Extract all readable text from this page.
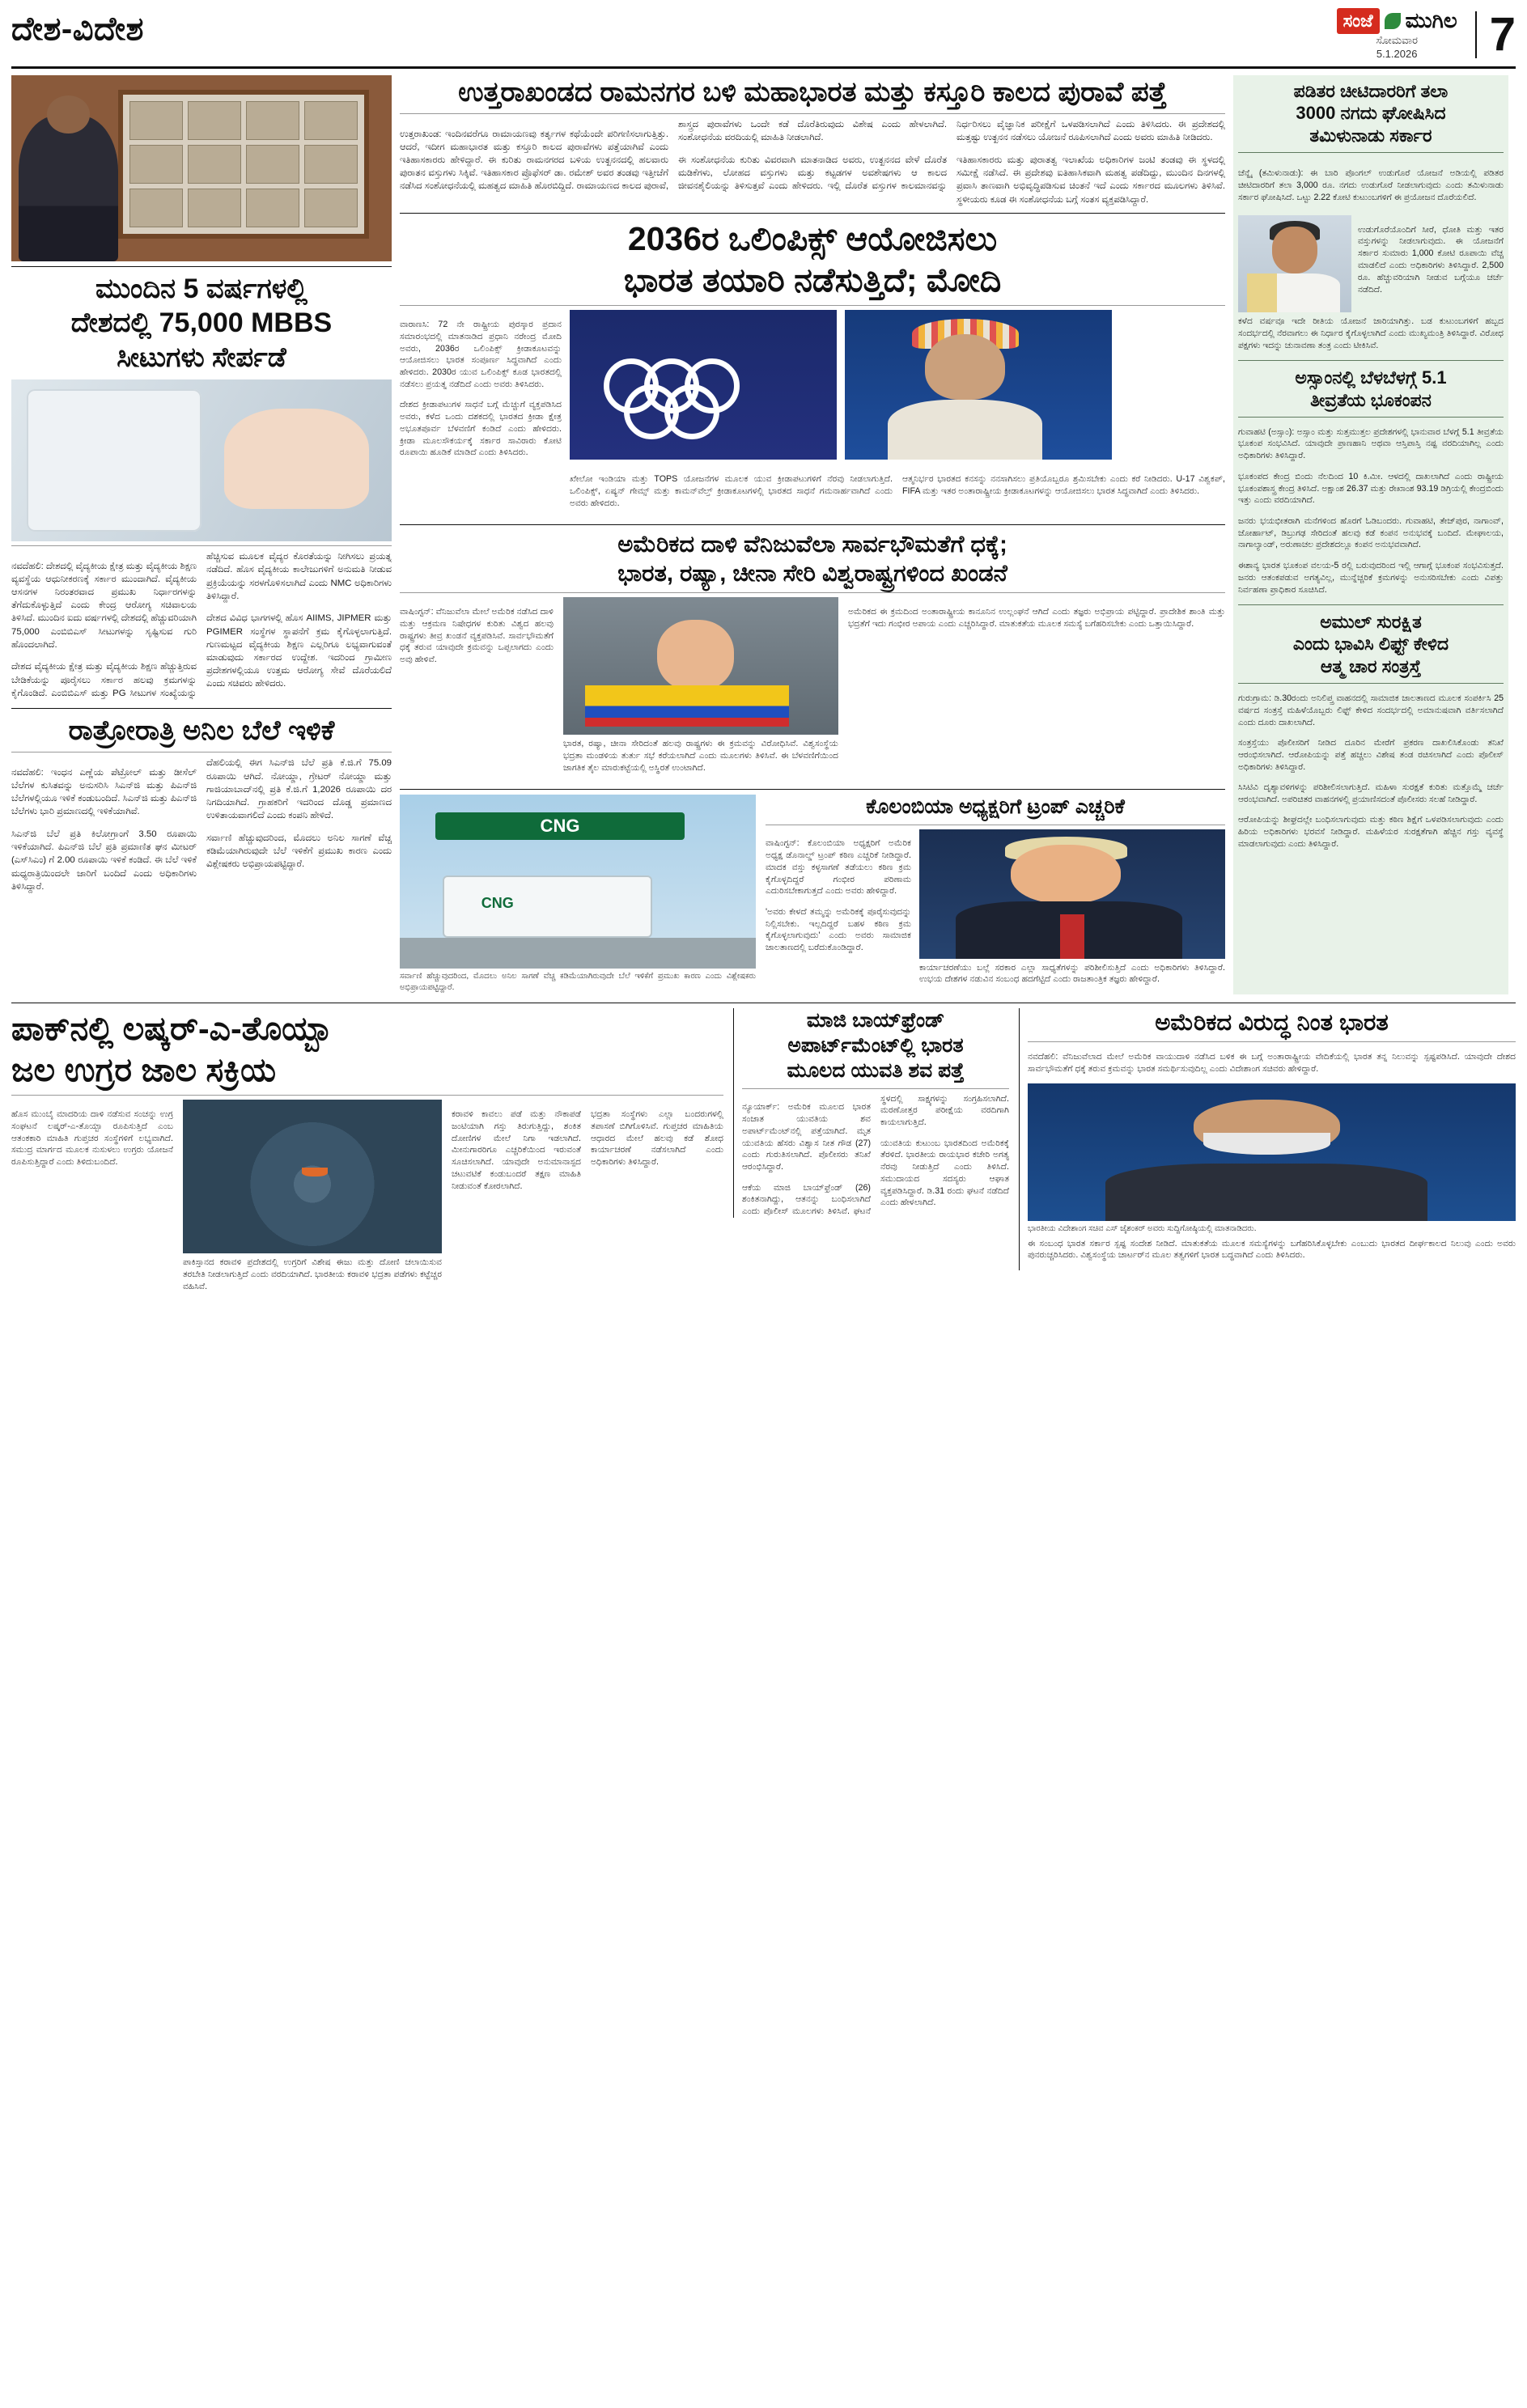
ದೇಶ-ವಿದೇಶ	ಸಂಜೆ	ಮುಗಿಲ
ಸೋಮವಾರ
5.1.2026	7
ಮುಂದಿನ 5 ವರ್ಷಗಳಲ್ಲಿ
ದೇಶದಲ್ಲಿ 75,000 MBBS
ಸೀಟುಗಳು ಸೇರ್ಪಡೆ

ನವದೆಹಲಿ: ದೇಶದಲ್ಲಿ ವೈದ್ಯಕೀಯ ಕ್ಷೇತ್ರ ಮತ್ತು ವೈದ್ಯಕೀಯ ಶಿಕ್ಷಣ ವ್ಯವಸ್ಥೆಯ ಆಧುನೀಕರಣಕ್ಕೆ ಸರ್ಕಾರ ಮುಂದಾಗಿದೆ. ವೈದ್ಯಕೀಯ ಆಸನಗಳ ನಿರಂತರವಾದ ಪ್ರಮುಖ ನಿರ್ಧಾರಗಳನ್ನು ತೆಗೆದುಕೊಳ್ಳುತ್ತಿದೆ ಎಂದು ಕೇಂದ್ರ ಆರೋಗ್ಯ ಸಚಿವಾಲಯ ತಿಳಿಸಿದೆ. ಮುಂದಿನ ಐದು ವರ್ಷಗಳಲ್ಲಿ ದೇಶದಲ್ಲಿ ಹೆಚ್ಚುವರಿಯಾಗಿ 75,000 ಎಂಬಿಬಿಎಸ್ ಸೀಟುಗಳನ್ನು ಸೃಷ್ಟಿಸುವ ಗುರಿ ಹೊಂದಲಾಗಿದೆ.

ದೇಶದ ವೈದ್ಯಕೀಯ ಕ್ಷೇತ್ರ ಮತ್ತು ವೈದ್ಯಕೀಯ ಶಿಕ್ಷಣ ಹೆಚ್ಚುತ್ತಿರುವ ಬೇಡಿಕೆಯನ್ನು ಪೂರೈಸಲು ಸರ್ಕಾರ ಹಲವು ಕ್ರಮಗಳನ್ನು ಕೈಗೊಂಡಿದೆ. ಎಂಬಿಬಿಎಸ್ ಮತ್ತು PG ಸೀಟುಗಳ ಸಂಖ್ಯೆಯನ್ನು ಹೆಚ್ಚಿಸುವ ಮೂಲಕ ವೈದ್ಯರ ಕೊರತೆಯನ್ನು ನೀಗಿಸಲು ಪ್ರಯತ್ನ ನಡೆದಿದೆ. ಹೊಸ ವೈದ್ಯಕೀಯ ಕಾಲೇಜುಗಳಿಗೆ ಅನುಮತಿ ನೀಡುವ ಪ್ರಕ್ರಿಯೆಯನ್ನು ಸರಳಗೊಳಿಸಲಾಗಿದೆ ಎಂದು NMC ಅಧಿಕಾರಿಗಳು ತಿಳಿಸಿದ್ದಾರೆ.

ದೇಶದ ವಿವಿಧ ಭಾಗಗಳಲ್ಲಿ ಹೊಸ AIIMS, JIPMER ಮತ್ತು PGIMER ಸಂಸ್ಥೆಗಳ ಸ್ಥಾಪನೆಗೆ ಕ್ರಮ ಕೈಗೊಳ್ಳಲಾಗುತ್ತಿದೆ. ಗುಣಮಟ್ಟದ ವೈದ್ಯಕೀಯ ಶಿಕ್ಷಣ ಎಲ್ಲರಿಗೂ ಲಭ್ಯವಾಗುವಂತೆ ಮಾಡುವುದು ಸರ್ಕಾರದ ಉದ್ದೇಶ. ಇದರಿಂದ ಗ್ರಾಮೀಣ ಪ್ರದೇಶಗಳಲ್ಲಿಯೂ ಉತ್ತಮ ಆರೋಗ್ಯ ಸೇವೆ ದೊರೆಯಲಿದೆ ಎಂದು ಸಚಿವರು ಹೇಳಿದರು.

ರಾತ್ರೋರಾತ್ರಿ ಅನಿಲ ಬೆಲೆ ಇಳಿಕೆ

ನವದೆಹಲಿ: ಇಂಧನ ಎಣ್ಣೆಯ ಪೆಟ್ರೋಲ್ ಮತ್ತು ಡೀಸೆಲ್ ಬೆಲೆಗಳ ಕುಸಿತವನ್ನು ಅನುಸರಿಸಿ ಸಿಎನ್‌ಜಿ ಮತ್ತು ಪಿಎನ್‌ಜಿ ಬೆಲೆಗಳಲ್ಲಿಯೂ ಇಳಿಕೆ ಕಂಡುಬಂದಿದೆ. ಸಿಎನ್‌ಜಿ ಮತ್ತು ಪಿಎನ್‌ಜಿ ಬೆಲೆಗಳು ಭಾರಿ ಪ್ರಮಾಣದಲ್ಲಿ ಇಳಿಕೆಯಾಗಿವೆ.

ಸಿಎನ್‌ಜಿ ಬೆಲೆ ಪ್ರತಿ ಕಿಲೋಗ್ರಾಂಗೆ 3.50 ರೂಪಾಯಿ ಇಳಿಕೆಯಾಗಿದೆ. ಪಿಎನ್‌ಜಿ ಬೆಲೆ ಪ್ರತಿ ಪ್ರಮಾಣಿತ ಘನ ಮೀಟರ್ (ಎಸ್‌ಸಿಎಂ) ಗೆ 2.00 ರೂಪಾಯಿ ಇಳಿಕೆ ಕಂಡಿದೆ. ಈ ಬೆಲೆ ಇಳಿಕೆ ಮಧ್ಯರಾತ್ರಿಯಿಂದಲೇ ಜಾರಿಗೆ ಬಂದಿದೆ ಎಂದು ಅಧಿಕಾರಿಗಳು ತಿಳಿಸಿದ್ದಾರೆ.

ದೆಹಲಿಯಲ್ಲಿ ಈಗ ಸಿಎನ್‌ಜಿ ಬೆಲೆ ಪ್ರತಿ ಕೆ.ಜಿ.ಗೆ 75.09 ರೂಪಾಯಿ ಆಗಿದೆ. ನೋಯ್ಡಾ, ಗ್ರೇಟರ್ ನೋಯ್ಡಾ ಮತ್ತು ಗಾಜಿಯಾಬಾದ್‌ನಲ್ಲಿ ಪ್ರತಿ ಕೆ.ಜಿ.ಗೆ 1,2026 ರೂಪಾಯಿ ದರ ನಿಗದಿಯಾಗಿದೆ. ಗ್ರಾಹಕರಿಗೆ ಇದರಿಂದ ದೊಡ್ಡ ಪ್ರಮಾಣದ ಉಳಿತಾಯವಾಗಲಿದೆ ಎಂದು ಕಂಪನಿ ಹೇಳಿದೆ.

ಸರ್ವಾಣಿ ಹೆಚ್ಚುವುದರಿಂದ, ಮೊದಲು ಅನಿಲ ಸಾಗಣೆ ವೆಚ್ಚ ಕಡಿಮೆಯಾಗಿರುವುದೇ ಬೆಲೆ ಇಳಿಕೆಗೆ ಪ್ರಮುಖ ಕಾರಣ ಎಂದು ವಿಶ್ಲೇಷಕರು ಅಭಿಪ್ರಾಯಪಟ್ಟಿದ್ದಾರೆ.

ಉತ್ತರಾಖಂಡದ ರಾಮನಗರ ಬಳಿ ಮಹಾಭಾರತ ಮತ್ತು ಕಸ್ತೂರಿ ಕಾಲದ ಪುರಾವೆ ಪತ್ತೆ

ಉತ್ತರಾಖಂಡ: ಇಂದಿನವರೆಗೂ ರಾಮಾಯಣವು ಕರ್ತೃಗಳ ಕಥೆಯೆಂದೇ ಪರಿಗಣಿಸಲಾಗುತ್ತಿತ್ತು. ಆದರೆ, ಇದೀಗ ಮಹಾಭಾರತ ಮತ್ತು ಕಸ್ತೂರಿ ಕಾಲದ ಪುರಾವೆಗಳು ಪತ್ತೆಯಾಗಿವೆ ಎಂದು ಇತಿಹಾಸಕಾರರು ಹೇಳಿದ್ದಾರೆ. ಈ ಕುರಿತು ರಾಮನಗರದ ಬಳಿಯ ಉತ್ಖನನದಲ್ಲಿ ಹಲವಾರು ಪುರಾತನ ವಸ್ತುಗಳು ಸಿಕ್ಕಿವೆ. ಇತಿಹಾಸಕಾರ ಪ್ರೊಫೆಸರ್ ಡಾ. ರಮೇಶ್ ಅವರ ತಂಡವು ಇತ್ತೀಚೆಗೆ ನಡೆಸಿದ ಸಂಶೋಧನೆಯಲ್ಲಿ ಮಹತ್ವದ ಮಾಹಿತಿ ಹೊರಬಿದ್ದಿದೆ. ರಾಮಾಯಣದ ಕಾಲದ ಪುರಾವೆ, ಶಾಸ್ತ್ರದ ಪುರಾವೆಗಳು ಒಂದೇ ಕಡೆ ದೊರೆತಿರುವುದು ವಿಶೇಷ ಎಂದು ಹೇಳಲಾಗಿದೆ. ಸಂಶೋಧನೆಯ ವರದಿಯಲ್ಲಿ ಮಾಹಿತಿ ನೀಡಲಾಗಿದೆ.

ಈ ಸಂಶೋಧನೆಯ ಕುರಿತು ವಿವರವಾಗಿ ಮಾತನಾಡಿದ ಅವರು, ಉತ್ಖನನದ ವೇಳೆ ದೊರೆತ ಮಡಿಕೆಗಳು, ಲೋಹದ ವಸ್ತುಗಳು ಮತ್ತು ಕಟ್ಟಡಗಳ ಅವಶೇಷಗಳು ಆ ಕಾಲದ ಜೀವನಶೈಲಿಯನ್ನು ತಿಳಿಸುತ್ತವೆ ಎಂದು ಹೇಳಿದರು. ಇಲ್ಲಿ ದೊರೆತ ವಸ್ತುಗಳ ಕಾಲಮಾನವನ್ನು ನಿರ್ಧರಿಸಲು ವೈಜ್ಞಾನಿಕ ಪರೀಕ್ಷೆಗೆ ಒಳಪಡಿಸಲಾಗಿದೆ ಎಂದು ತಿಳಿಸಿದರು. ಈ ಪ್ರದೇಶದಲ್ಲಿ ಮತ್ತಷ್ಟು ಉತ್ಖನನ ನಡೆಸಲು ಯೋಜನೆ ರೂಪಿಸಲಾಗಿದೆ ಎಂದು ಅವರು ಮಾಹಿತಿ ನೀಡಿದರು.

ಇತಿಹಾಸಕಾರರು ಮತ್ತು ಪುರಾತತ್ವ ಇಲಾಖೆಯ ಅಧಿಕಾರಿಗಳ ಜಂಟಿ ತಂಡವು ಈ ಸ್ಥಳದಲ್ಲಿ ಸಮೀಕ್ಷೆ ನಡೆಸಿದೆ. ಈ ಪ್ರದೇಶವು ಐತಿಹಾಸಿಕವಾಗಿ ಮಹತ್ವ ಪಡೆದಿದ್ದು, ಮುಂದಿನ ದಿನಗಳಲ್ಲಿ ಪ್ರವಾಸಿ ತಾಣವಾಗಿ ಅಭಿವೃದ್ಧಿಪಡಿಸುವ ಚಿಂತನೆ ಇದೆ ಎಂದು ಸರ್ಕಾರದ ಮೂಲಗಳು ತಿಳಿಸಿವೆ. ಸ್ಥಳೀಯರು ಕೂಡ ಈ ಸಂಶೋಧನೆಯ ಬಗ್ಗೆ ಸಂತಸ ವ್ಯಕ್ತಪಡಿಸಿದ್ದಾರೆ.

2036ರ ಒಲಿಂಪಿಕ್ಸ್ ಆಯೋಜಿಸಲು
ಭಾರತ ತಯಾರಿ ನಡೆಸುತ್ತಿದೆ; ಮೋದಿ

ವಾರಾಣಸಿ: 72 ನೇ ರಾಷ್ಟ್ರೀಯ ಪುರಸ್ಕಾರ ಪ್ರದಾನ ಸಮಾರಂಭದಲ್ಲಿ ಮಾತನಾಡಿದ ಪ್ರಧಾನಿ ನರೇಂದ್ರ ಮೋದಿ ಅವರು, 2036ರ ಒಲಿಂಪಿಕ್ಸ್ ಕ್ರೀಡಾಕೂಟವನ್ನು ಆಯೋಜಿಸಲು ಭಾರತ ಸಂಪೂರ್ಣ ಸಿದ್ಧವಾಗಿದೆ ಎಂದು ಹೇಳಿದರು. 2030ರ ಯುವ ಒಲಿಂಪಿಕ್ಸ್ ಕೂಡ ಭಾರತದಲ್ಲಿ ನಡೆಸಲು ಪ್ರಯತ್ನ ನಡೆದಿದೆ ಎಂದು ಅವರು ತಿಳಿಸಿದರು.

ದೇಶದ ಕ್ರೀಡಾಪಟುಗಳ ಸಾಧನೆ ಬಗ್ಗೆ ಮೆಚ್ಚುಗೆ ವ್ಯಕ್ತಪಡಿಸಿದ ಅವರು, ಕಳೆದ ಒಂದು ದಶಕದಲ್ಲಿ ಭಾರತದ ಕ್ರೀಡಾ ಕ್ಷೇತ್ರ ಅಭೂತಪೂರ್ವ ಬೆಳವಣಿಗೆ ಕಂಡಿದೆ ಎಂದು ಹೇಳಿದರು. ಕ್ರೀಡಾ ಮೂಲಸೌಕರ್ಯಕ್ಕೆ ಸರ್ಕಾರ ಸಾವಿರಾರು ಕೋಟಿ ರೂಪಾಯಿ ಹೂಡಿಕೆ ಮಾಡಿದೆ ಎಂದು ತಿಳಿಸಿದರು.

ಖೇಲೋ ಇಂಡಿಯಾ ಮತ್ತು TOPS ಯೋಜನೆಗಳ ಮೂಲಕ ಯುವ ಕ್ರೀಡಾಪಟುಗಳಿಗೆ ನೆರವು ನೀಡಲಾಗುತ್ತಿದೆ. ಒಲಿಂಪಿಕ್ಸ್, ಏಷ್ಯನ್ ಗೇಮ್ಸ್ ಮತ್ತು ಕಾಮನ್‌ವೆಲ್ತ್ ಕ್ರೀಡಾಕೂಟಗಳಲ್ಲಿ ಭಾರತದ ಸಾಧನೆ ಗಮನಾರ್ಹವಾಗಿದೆ ಎಂದು ಅವರು ಹೇಳಿದರು.

ಆತ್ಮನಿರ್ಭರ ಭಾರತದ ಕನಸನ್ನು ನನಸಾಗಿಸಲು ಪ್ರತಿಯೊಬ್ಬರೂ ಶ್ರಮಿಸಬೇಕು ಎಂದು ಕರೆ ನೀಡಿದರು. U-17 ವಿಶ್ವಕಪ್, FIFA ಮತ್ತು ಇತರ ಅಂತಾರಾಷ್ಟ್ರೀಯ ಕ್ರೀಡಾಕೂಟಗಳನ್ನು ಆಯೋಜಿಸಲು ಭಾರತ ಸಿದ್ಧವಾಗಿದೆ ಎಂದು ತಿಳಿಸಿದರು.

ಅಮೆರಿಕದ ದಾಳಿ ವೆನಿಜುವೆಲಾ ಸಾರ್ವಭೌಮತೆಗೆ ಧಕ್ಕೆ;
ಭಾರತ, ರಷ್ಯಾ, ಚೀನಾ ಸೇರಿ ವಿಶ್ವರಾಷ್ಟ್ರಗಳಿಂದ ಖಂಡನೆ

ವಾಷಿಂಗ್ಟನ್: ವೆನಿಜುವೆಲಾ ಮೇಲೆ ಅಮೆರಿಕ ನಡೆಸಿದ ದಾಳಿ ಮತ್ತು ಆಕ್ರಮಣ ನಿಷೇಧಗಳ ಕುರಿತು ವಿಶ್ವದ ಹಲವು ರಾಷ್ಟ್ರಗಳು ತೀವ್ರ ಖಂಡನೆ ವ್ಯಕ್ತಪಡಿಸಿವೆ. ಸಾರ್ವಭೌಮತೆಗೆ ಧಕ್ಕೆ ತರುವ ಯಾವುದೇ ಕ್ರಮವನ್ನು ಒಪ್ಪಲಾಗದು ಎಂದು ಅವು ಹೇಳಿವೆ.

ಭಾರತ, ರಷ್ಯಾ, ಚೀನಾ ಸೇರಿದಂತೆ ಹಲವು ರಾಷ್ಟ್ರಗಳು ಈ ಕ್ರಮವನ್ನು ವಿರೋಧಿಸಿವೆ. ವಿಶ್ವಸಂಸ್ಥೆಯ ಭದ್ರತಾ ಮಂಡಳಿಯ ತುರ್ತು ಸಭೆ ಕರೆಯಲಾಗಿದೆ ಎಂದು ಮೂಲಗಳು ತಿಳಿಸಿವೆ. ಈ ಬೆಳವಣಿಗೆಯಿಂದ ಜಾಗತಿಕ ತೈಲ ಮಾರುಕಟ್ಟೆಯಲ್ಲಿ ಅಸ್ಥಿರತೆ ಉಂಟಾಗಿದೆ.

ಅಮೆರಿಕದ ಈ ಕ್ರಮದಿಂದ ಅಂತಾರಾಷ್ಟ್ರೀಯ ಕಾನೂನಿನ ಉಲ್ಲಂಘನೆ ಆಗಿದೆ ಎಂದು ತಜ್ಞರು ಅಭಿಪ್ರಾಯ ಪಟ್ಟಿದ್ದಾರೆ. ಪ್ರಾದೇಶಿಕ ಶಾಂತಿ ಮತ್ತು ಭದ್ರತೆಗೆ ಇದು ಗಂಭೀರ ಅಪಾಯ ಎಂದು ಎಚ್ಚರಿಸಿದ್ದಾರೆ. ಮಾತುಕತೆಯ ಮೂಲಕ ಸಮಸ್ಯೆ ಬಗೆಹರಿಸಬೇಕು ಎಂದು ಒತ್ತಾಯಿಸಿದ್ದಾರೆ.

CNG
CNG
ಸರ್ವಾಣಿ ಹೆಚ್ಚುವುದರಿಂದ, ಮೊದಲು ಅನಿಲ ಸಾಗಣೆ ವೆಚ್ಚ ಕಡಿಮೆಯಾಗಿರುವುದೇ ಬೆಲೆ ಇಳಿಕೆಗೆ ಪ್ರಮುಖ ಕಾರಣ ಎಂದು ವಿಶ್ಲೇಷಕರು ಅಭಿಪ್ರಾಯಪಟ್ಟಿದ್ದಾರೆ.
ಕೊಲಂಬಿಯಾ ಅಧ್ಯಕ್ಷರಿಗೆ ಟ್ರಂಪ್ ಎಚ್ಚರಿಕೆ

ವಾಷಿಂಗ್ಟನ್: ಕೊಲಂಬಿಯಾ ಅಧ್ಯಕ್ಷರಿಗೆ ಅಮೆರಿಕ ಅಧ್ಯಕ್ಷ ಡೊನಾಲ್ಡ್ ಟ್ರಂಪ್ ಕಠಿಣ ಎಚ್ಚರಿಕೆ ನೀಡಿದ್ದಾರೆ. ಮಾದಕ ವಸ್ತು ಕಳ್ಳಸಾಗಣೆ ತಡೆಯಲು ಕಠಿಣ ಕ್ರಮ ಕೈಗೊಳ್ಳದಿದ್ದರೆ ಗಂಭೀರ ಪರಿಣಾಮ ಎದುರಿಸಬೇಕಾಗುತ್ತದೆ ಎಂದು ಅವರು ಹೇಳಿದ್ದಾರೆ.

'ಅವರು ಕೇಳದೆ ತಮ್ಮನ್ನು ಅಮೆರಿಕಕ್ಕೆ ಪೂರೈಸುವುದನ್ನು ನಿಲ್ಲಿಸಬೇಕು. ಇಲ್ಲದಿದ್ದರೆ ಬಹಳ ಕಠಿಣ ಕ್ರಮ ಕೈಗೊಳ್ಳಲಾಗುವುದು' ಎಂದು ಅವರು ಸಾಮಾಜಿಕ ಜಾಲತಾಣದಲ್ಲಿ ಬರೆದುಕೊಂಡಿದ್ದಾರೆ.

ಕಾರ್ಯಾಚರಣೆಯು ಬಲ್ಲೆ ಸರಕಾರ ಎಲ್ಲಾ ಸಾಧ್ಯತೆಗಳನ್ನು ಪರಿಶೀಲಿಸುತ್ತಿದೆ ಎಂದು ಅಧಿಕಾರಿಗಳು ತಿಳಿಸಿದ್ದಾರೆ. ಉಭಯ ದೇಶಗಳ ನಡುವಿನ ಸಂಬಂಧ ಹದಗೆಟ್ಟಿದೆ ಎಂದು ರಾಜತಾಂತ್ರಿಕ ತಜ್ಞರು ಹೇಳಿದ್ದಾರೆ.

ಪಡಿತರ ಚೀಟಿದಾರರಿಗೆ ತಲಾ
3000 ನಗದು ಘೋಷಿಸಿದ
ತಮಿಳುನಾಡು ಸರ್ಕಾರ

ಚೆನ್ನೈ (ತಮಿಳುನಾಡು): ಈ ಬಾರಿ ಪೊಂಗಲ್ ಉಡುಗೊರೆ ಯೋಜನೆ ಅಡಿಯಲ್ಲಿ ಪಡಿತರ ಚೀಟಿದಾರರಿಗೆ ತಲಾ 3,000 ರೂ. ನಗದು ಉಡುಗೊರೆ ನೀಡಲಾಗುವುದು ಎಂದು ತಮಿಳುನಾಡು ಸರ್ಕಾರ ಘೋಷಿಸಿದೆ. ಒಟ್ಟು 2.22 ಕೋಟಿ ಕುಟುಂಬಗಳಿಗೆ ಈ ಪ್ರಯೋಜನ ದೊರೆಯಲಿದೆ.

ಉಡುಗೊರೆಯೊಂದಿಗೆ ಸೀರೆ, ಧೋತಿ ಮತ್ತು ಇತರ ವಸ್ತುಗಳನ್ನು ನೀಡಲಾಗುವುದು. ಈ ಯೋಜನೆಗೆ ಸರ್ಕಾರ ಸುಮಾರು 1,000 ಕೋಟಿ ರೂಪಾಯಿ ವೆಚ್ಚ ಮಾಡಲಿದೆ ಎಂದು ಅಧಿಕಾರಿಗಳು ತಿಳಿಸಿದ್ದಾರೆ. 2,500 ರೂ. ಹೆಚ್ಚುವರಿಯಾಗಿ ನೀಡುವ ಬಗ್ಗೆಯೂ ಚರ್ಚೆ ನಡೆದಿದೆ.

ಕಳೆದ ವರ್ಷವೂ ಇದೇ ರೀತಿಯ ಯೋಜನೆ ಜಾರಿಯಾಗಿತ್ತು. ಬಡ ಕುಟುಂಬಗಳಿಗೆ ಹಬ್ಬದ ಸಂದರ್ಭದಲ್ಲಿ ನೆರವಾಗಲು ಈ ನಿರ್ಧಾರ ಕೈಗೊಳ್ಳಲಾಗಿದೆ ಎಂದು ಮುಖ್ಯಮಂತ್ರಿ ತಿಳಿಸಿದ್ದಾರೆ. ವಿರೋಧ ಪಕ್ಷಗಳು ಇದನ್ನು ಚುನಾವಣಾ ತಂತ್ರ ಎಂದು ಟೀಕಿಸಿವೆ.

ಅಸ್ಸಾಂನಲ್ಲಿ ಬೆಳಬೆಳಗ್ಗೆ 5.1
ತೀವ್ರತೆಯ ಭೂಕಂಪನ

ಗುವಾಹಟಿ (ಅಸ್ಸಾಂ): ಅಸ್ಸಾಂ ಮತ್ತು ಸುತ್ತಮುತ್ತಲ ಪ್ರದೇಶಗಳಲ್ಲಿ ಭಾನುವಾರ ಬೆಳಗ್ಗೆ 5.1 ತೀವ್ರತೆಯ ಭೂಕಂಪ ಸಂಭವಿಸಿದೆ. ಯಾವುದೇ ಪ್ರಾಣಹಾನಿ ಅಥವಾ ಆಸ್ತಿಪಾಸ್ತಿ ನಷ್ಟ ವರದಿಯಾಗಿಲ್ಲ ಎಂದು ಅಧಿಕಾರಿಗಳು ತಿಳಿಸಿದ್ದಾರೆ.

ಭೂಕಂಪದ ಕೇಂದ್ರ ಬಿಂದು ನೆಲದಿಂದ 10 ಕಿ.ಮೀ. ಆಳದಲ್ಲಿ ದಾಖಲಾಗಿದೆ ಎಂದು ರಾಷ್ಟ್ರೀಯ ಭೂಕಂಪಶಾಸ್ತ್ರ ಕೇಂದ್ರ ತಿಳಿಸಿದೆ. ಅಕ್ಷಾಂಶ 26.37 ಮತ್ತು ರೇಖಾಂಶ 93.19 ಡಿಗ್ರಿಯಲ್ಲಿ ಕೇಂದ್ರಬಿಂದು ಇತ್ತು ಎಂದು ವರದಿಯಾಗಿದೆ.

ಜನರು ಭಯಭೀತರಾಗಿ ಮನೆಗಳಿಂದ ಹೊರಗೆ ಓಡಿಬಂದರು. ಗುವಾಹಟಿ, ತೇಜ್‌ಪುರ, ನಾಗಾಂವ್, ಜೋರ್ಹಾಟ್, ಡಿಬ್ರುಗಢ ಸೇರಿದಂತೆ ಹಲವು ಕಡೆ ಕಂಪನ ಅನುಭವಕ್ಕೆ ಬಂದಿದೆ. ಮೇಘಾಲಯ, ನಾಗಾಲ್ಯಾಂಡ್, ಅರುಣಾಚಲ ಪ್ರದೇಶದಲ್ಲೂ ಕಂಪನ ಅನುಭವವಾಗಿದೆ.

ಈಶಾನ್ಯ ಭಾರತ ಭೂಕಂಪ ವಲಯ-5 ರಲ್ಲಿ ಬರುವುದರಿಂದ ಇಲ್ಲಿ ಆಗಾಗ್ಗೆ ಭೂಕಂಪ ಸಂಭವಿಸುತ್ತದೆ. ಜನರು ಆತಂಕಪಡುವ ಅಗತ್ಯವಿಲ್ಲ, ಮುನ್ನೆಚ್ಚರಿಕೆ ಕ್ರಮಗಳನ್ನು ಅನುಸರಿಸಬೇಕು ಎಂದು ವಿಪತ್ತು ನಿರ್ವಹಣಾ ಪ್ರಾಧಿಕಾರ ಸೂಚಿಸಿದೆ.

ಅಮುಲ್ ಸುರಕ್ಷಿತ
ಎಂದು ಭಾವಿಸಿ ಲಿಫ್ಟ್ ಕೇಳಿದ
ಆತ್ಮ ಚಾರ ಸಂತ್ರಸ್ತೆ

ಗುರುಗ್ರಾಮ: ಡಿ.30ರಂದು ಅನಿಲಿಪ್ತ್ರ ವಾಹನದಲ್ಲಿ ಸಾಮಾಜಿಕ ಜಾಲತಾಣದ ಮೂಲಕ ಸಂಪರ್ಕಿಸಿ 25 ವರ್ಷದ ಸಂತ್ರಸ್ತೆ ಮಹಿಳೆಯೊಬ್ಬರು ಲಿಫ್ಟ್ ಕೇಳಿದ ಸಂದರ್ಭದಲ್ಲಿ ಅಮಾನುಷವಾಗಿ ವರ್ತಿಸಲಾಗಿದೆ ಎಂದು ದೂರು ದಾಖಲಾಗಿದೆ.

ಸಂತ್ರಸ್ತೆಯು ಪೊಲೀಸರಿಗೆ ನೀಡಿದ ದೂರಿನ ಮೇರೆಗೆ ಪ್ರಕರಣ ದಾಖಲಿಸಿಕೊಂಡು ತನಿಖೆ ಆರಂಭಿಸಲಾಗಿದೆ. ಆರೋಪಿಯನ್ನು ಪತ್ತೆ ಹಚ್ಚಲು ವಿಶೇಷ ತಂಡ ರಚಿಸಲಾಗಿದೆ ಎಂದು ಪೊಲೀಸ್ ಅಧಿಕಾರಿಗಳು ತಿಳಿಸಿದ್ದಾರೆ.

ಸಿಸಿಟಿವಿ ದೃಶ್ಯಾವಳಿಗಳನ್ನು ಪರಿಶೀಲಿಸಲಾಗುತ್ತಿದೆ. ಮಹಿಳಾ ಸುರಕ್ಷತೆ ಕುರಿತು ಮತ್ತೊಮ್ಮೆ ಚರ್ಚೆ ಆರಂಭವಾಗಿದೆ. ಅಪರಿಚಿತರ ವಾಹನಗಳಲ್ಲಿ ಪ್ರಯಾಣಿಸದಂತೆ ಪೊಲೀಸರು ಸಲಹೆ ನೀಡಿದ್ದಾರೆ.

ಆರೋಪಿಯನ್ನು ಶೀಘ್ರದಲ್ಲೇ ಬಂಧಿಸಲಾಗುವುದು ಮತ್ತು ಕಠಿಣ ಶಿಕ್ಷೆಗೆ ಒಳಪಡಿಸಲಾಗುವುದು ಎಂದು ಹಿರಿಯ ಅಧಿಕಾರಿಗಳು ಭರವಸೆ ನೀಡಿದ್ದಾರೆ. ಮಹಿಳೆಯರ ಸುರಕ್ಷತೆಗಾಗಿ ಹೆಚ್ಚಿನ ಗಸ್ತು ವ್ಯವಸ್ಥೆ ಮಾಡಲಾಗುವುದು ಎಂದು ತಿಳಿಸಿದ್ದಾರೆ.

ಪಾಕ್‌ನಲ್ಲಿ ಲಷ್ಕರ್-ಎ-ತೊಯ್ಬಾ
ಜಲ ಉಗ್ರರ ಜಾಲ ಸಕ್ರಿಯ

ಹೊಸ ಮುಂಬೈ ಮಾದರಿಯ ದಾಳಿ ನಡೆಸುವ ಸಂಚನ್ನು ಉಗ್ರ ಸಂಘಟನೆ ಲಷ್ಕರ್-ಎ-ತೊಯ್ಬಾ ರೂಪಿಸುತ್ತಿದೆ ಎಂಬ ಆತಂಕಕಾರಿ ಮಾಹಿತಿ ಗುಪ್ತಚರ ಸಂಸ್ಥೆಗಳಿಗೆ ಲಭ್ಯವಾಗಿದೆ. ಸಮುದ್ರ ಮಾರ್ಗದ ಮೂಲಕ ನುಸುಳಲು ಉಗ್ರರು ಯೋಜನೆ ರೂಪಿಸುತ್ತಿದ್ದಾರೆ ಎಂದು ತಿಳಿದುಬಂದಿದೆ.

ಪಾಕಿಸ್ತಾನದ ಕರಾವಳಿ ಪ್ರದೇಶದಲ್ಲಿ ಉಗ್ರರಿಗೆ ವಿಶೇಷ ಈಜು ಮತ್ತು ದೋಣಿ ಚಲಾಯಿಸುವ ತರಬೇತಿ ನೀಡಲಾಗುತ್ತಿದೆ ಎಂದು ವರದಿಯಾಗಿದೆ. ಭಾರತೀಯ ಕರಾವಳಿ ಭದ್ರತಾ ಪಡೆಗಳು ಕಟ್ಟೆಚ್ಚರ ವಹಿಸಿವೆ.

ಕರಾವಳಿ ಕಾವಲು ಪಡೆ ಮತ್ತು ನೌಕಾಪಡೆ ಜಂಟಿಯಾಗಿ ಗಸ್ತು ತಿರುಗುತ್ತಿದ್ದು, ಶಂಕಿತ ದೋಣಿಗಳ ಮೇಲೆ ನಿಗಾ ಇಡಲಾಗಿದೆ. ಮೀನುಗಾರರಿಗೂ ಎಚ್ಚರಿಕೆಯಿಂದ ಇರುವಂತೆ ಸೂಚಿಸಲಾಗಿದೆ. ಯಾವುದೇ ಅನುಮಾನಾಸ್ಪದ ಚಟುವಟಿಕೆ ಕಂಡುಬಂದರೆ ತಕ್ಷಣ ಮಾಹಿತಿ ನೀಡುವಂತೆ ಕೋರಲಾಗಿದೆ.

ಭದ್ರತಾ ಸಂಸ್ಥೆಗಳು ಎಲ್ಲಾ ಬಂದರುಗಳಲ್ಲಿ ತಪಾಸಣೆ ಬಿಗಿಗೊಳಿಸಿವೆ. ಗುಪ್ತಚರ ಮಾಹಿತಿಯ ಆಧಾರದ ಮೇಲೆ ಹಲವು ಕಡೆ ಶೋಧ ಕಾರ್ಯಾಚರಣೆ ನಡೆಸಲಾಗಿದೆ ಎಂದು ಅಧಿಕಾರಿಗಳು ತಿಳಿಸಿದ್ದಾರೆ.

ಮಾಜಿ ಬಾಯ್‌ಫ್ರೆಂಡ್
ಅಪಾರ್ಟ್‌ಮೆಂಟ್‌ಲ್ಲಿ ಭಾರತ
ಮೂಲದ ಯುವತಿ ಶವ ಪತ್ತೆ

ನ್ಯೂಯಾರ್ಕ್: ಅಮೆರಿಕ ಮೂಲದ ಭಾರತ ಸಂಜಾತ ಯುವತಿಯ ಶವ ಅಪಾರ್ಟ್‌ಮೆಂಟ್‌ನಲ್ಲಿ ಪತ್ತೆಯಾಗಿದೆ. ಮೃತ ಯುವತಿಯ ಹೆಸರು ವಿಶ್ವಾಸ ನೀತ ಗೌಡ (27) ಎಂದು ಗುರುತಿಸಲಾಗಿದೆ. ಪೊಲೀಸರು ತನಿಖೆ ಆರಂಭಿಸಿದ್ದಾರೆ.

ಆಕೆಯ ಮಾಜಿ ಬಾಯ್‌ಫ್ರೆಂಡ್ (26) ಶಂಕಿತನಾಗಿದ್ದು, ಆತನನ್ನು ಬಂಧಿಸಲಾಗಿದೆ ಎಂದು ಪೊಲೀಸ್ ಮೂಲಗಳು ತಿಳಿಸಿವೆ. ಘಟನೆ ಸ್ಥಳದಲ್ಲಿ ಸಾಕ್ಷ್ಯಗಳನ್ನು ಸಂಗ್ರಹಿಸಲಾಗಿದೆ. ಮರಣೋತ್ತರ ಪರೀಕ್ಷೆಯ ವರದಿಗಾಗಿ ಕಾಯಲಾಗುತ್ತಿದೆ.

ಯುವತಿಯ ಕುಟುಂಬ ಭಾರತದಿಂದ ಅಮೆರಿಕಕ್ಕೆ ತೆರಳಿದೆ. ಭಾರತೀಯ ರಾಯಭಾರ ಕಚೇರಿ ಅಗತ್ಯ ನೆರವು ನೀಡುತ್ತಿದೆ ಎಂದು ತಿಳಿಸಿದೆ. ಸಮುದಾಯದ ಸದಸ್ಯರು ಆಘಾತ ವ್ಯಕ್ತಪಡಿಸಿದ್ದಾರೆ. ಡಿ.31 ರಂದು ಘಟನೆ ನಡೆದಿದೆ ಎಂದು ಹೇಳಲಾಗಿದೆ.

ಅಮೆರಿಕದ ವಿರುದ್ಧ ನಿಂತ ಭಾರತ

ನವದೆಹಲಿ: ವೆನಿಜುವೆಲಾದ ಮೇಲೆ ಅಮೆರಿಕ ವಾಯುದಾಳಿ ನಡೆಸಿದ ಬಳಿಕ ಈ ಬಗ್ಗೆ ಅಂತಾರಾಷ್ಟ್ರೀಯ ವೇದಿಕೆಯಲ್ಲಿ ಭಾರತ ತನ್ನ ನಿಲುವನ್ನು ಸ್ಪಷ್ಟಪಡಿಸಿದೆ. ಯಾವುದೇ ದೇಶದ ಸಾರ್ವಭೌಮತೆಗೆ ಧಕ್ಕೆ ತರುವ ಕ್ರಮವನ್ನು ಭಾರತ ಸಮರ್ಥಿಸುವುದಿಲ್ಲ ಎಂದು ವಿದೇಶಾಂಗ ಸಚಿವರು ಹೇಳಿದ್ದಾರೆ.

ಭಾರತೀಯ ವಿದೇಶಾಂಗ ಸಚಿವ ಎಸ್ ಜೈಶಂಕರ್ ಅವರು ಸುದ್ದಿಗೋಷ್ಠಿಯಲ್ಲಿ ಮಾತನಾಡಿದರು.

ಈ ಸಂಬಂಧ ಭಾರತ ಸರ್ಕಾರ ಸ್ಪಷ್ಟ ಸಂದೇಶ ನೀಡಿದೆ. ಮಾತುಕತೆಯ ಮೂಲಕ ಸಮಸ್ಯೆಗಳನ್ನು ಬಗೆಹರಿಸಿಕೊಳ್ಳಬೇಕು ಎಂಬುದು ಭಾರತದ ದೀರ್ಘಕಾಲದ ನಿಲುವು ಎಂದು ಅವರು ಪುನರುಚ್ಚರಿಸಿದರು. ವಿಶ್ವಸಂಸ್ಥೆಯ ಚಾರ್ಟರ್‌ನ ಮೂಲ ತತ್ವಗಳಿಗೆ ಭಾರತ ಬದ್ಧವಾಗಿದೆ ಎಂದು ತಿಳಿಸಿದರು.
